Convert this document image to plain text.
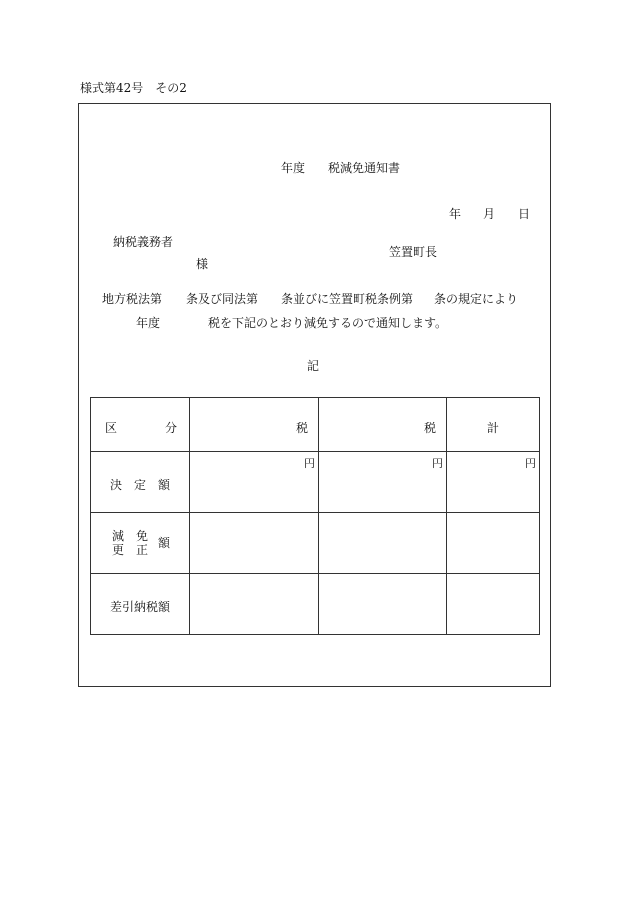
様式第42号　その2
年度 税減免通知書
年 月 日
納税義務者
様
笠置町長
地方税法第 条及び同法第 条並びに笠置町税条例第 条の規定により
年度	税を下記のとおり減免するので通知します。
記
区　　　　分	税	税	計

決　定　額	円	円	円

減　免
更　正 額			

差引納税額			
